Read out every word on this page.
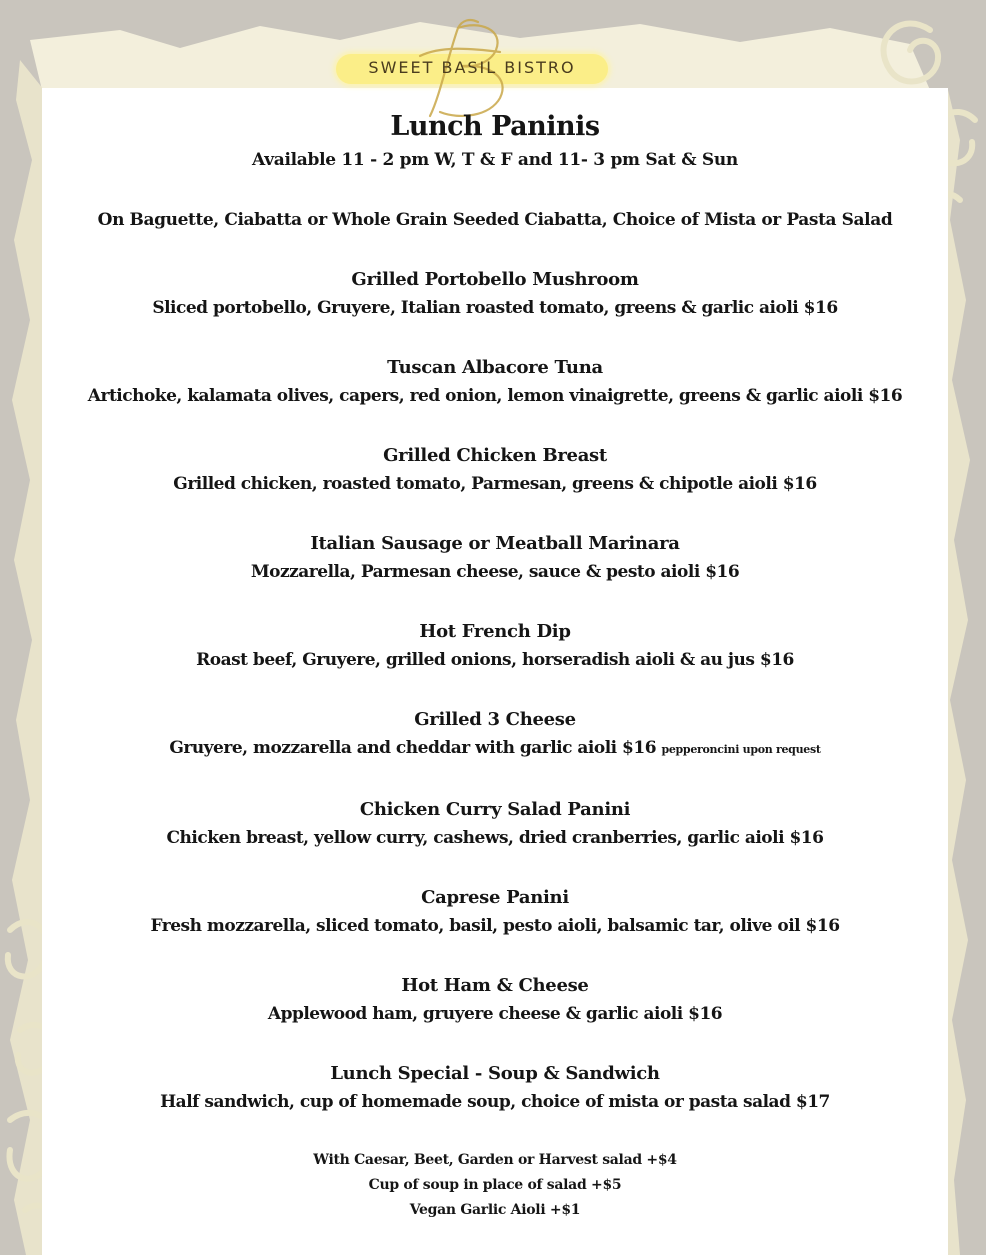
SWEET BASIL BISTRO
Lunch Paninis

Available 11 - 2 pm W, T & F and 11- 3 pm Sat & Sun

On Baguette, Ciabatta or Whole Grain Seeded Ciabatta, Choice of Mista or Pasta Salad

Grilled Portobello Mushroom
Sliced portobello, Gruyere, Italian roasted tomato, greens & garlic aioli $16
Tuscan Albacore Tuna
Artichoke, kalamata olives, capers, red onion, lemon vinaigrette, greens & garlic aioli $16
Grilled Chicken Breast
Grilled chicken, roasted tomato, Parmesan, greens & chipotle aioli $16
Italian Sausage or Meatball Marinara
Mozzarella, Parmesan cheese, sauce & pesto aioli $16
Hot French Dip
Roast beef, Gruyere, grilled onions, horseradish aioli & au jus $16
Grilled 3 Cheese
Gruyere, mozzarella and cheddar with garlic aioli $16 pepperoncini upon request
Chicken Curry Salad Panini
Chicken breast, yellow curry, cashews, dried cranberries, garlic aioli $16
Caprese Panini
Fresh mozzarella, sliced tomato, basil, pesto aioli, balsamic tar, olive oil $16
Hot Ham & Cheese
Applewood ham, gruyere cheese & garlic aioli $16
Lunch Special - Soup & Sandwich
Half sandwich, cup of homemade soup, choice of mista or pasta salad $17
With Caesar, Beet, Garden or Harvest salad +$4
Cup of soup in place of salad +$5
Vegan Garlic Aioli +$1
